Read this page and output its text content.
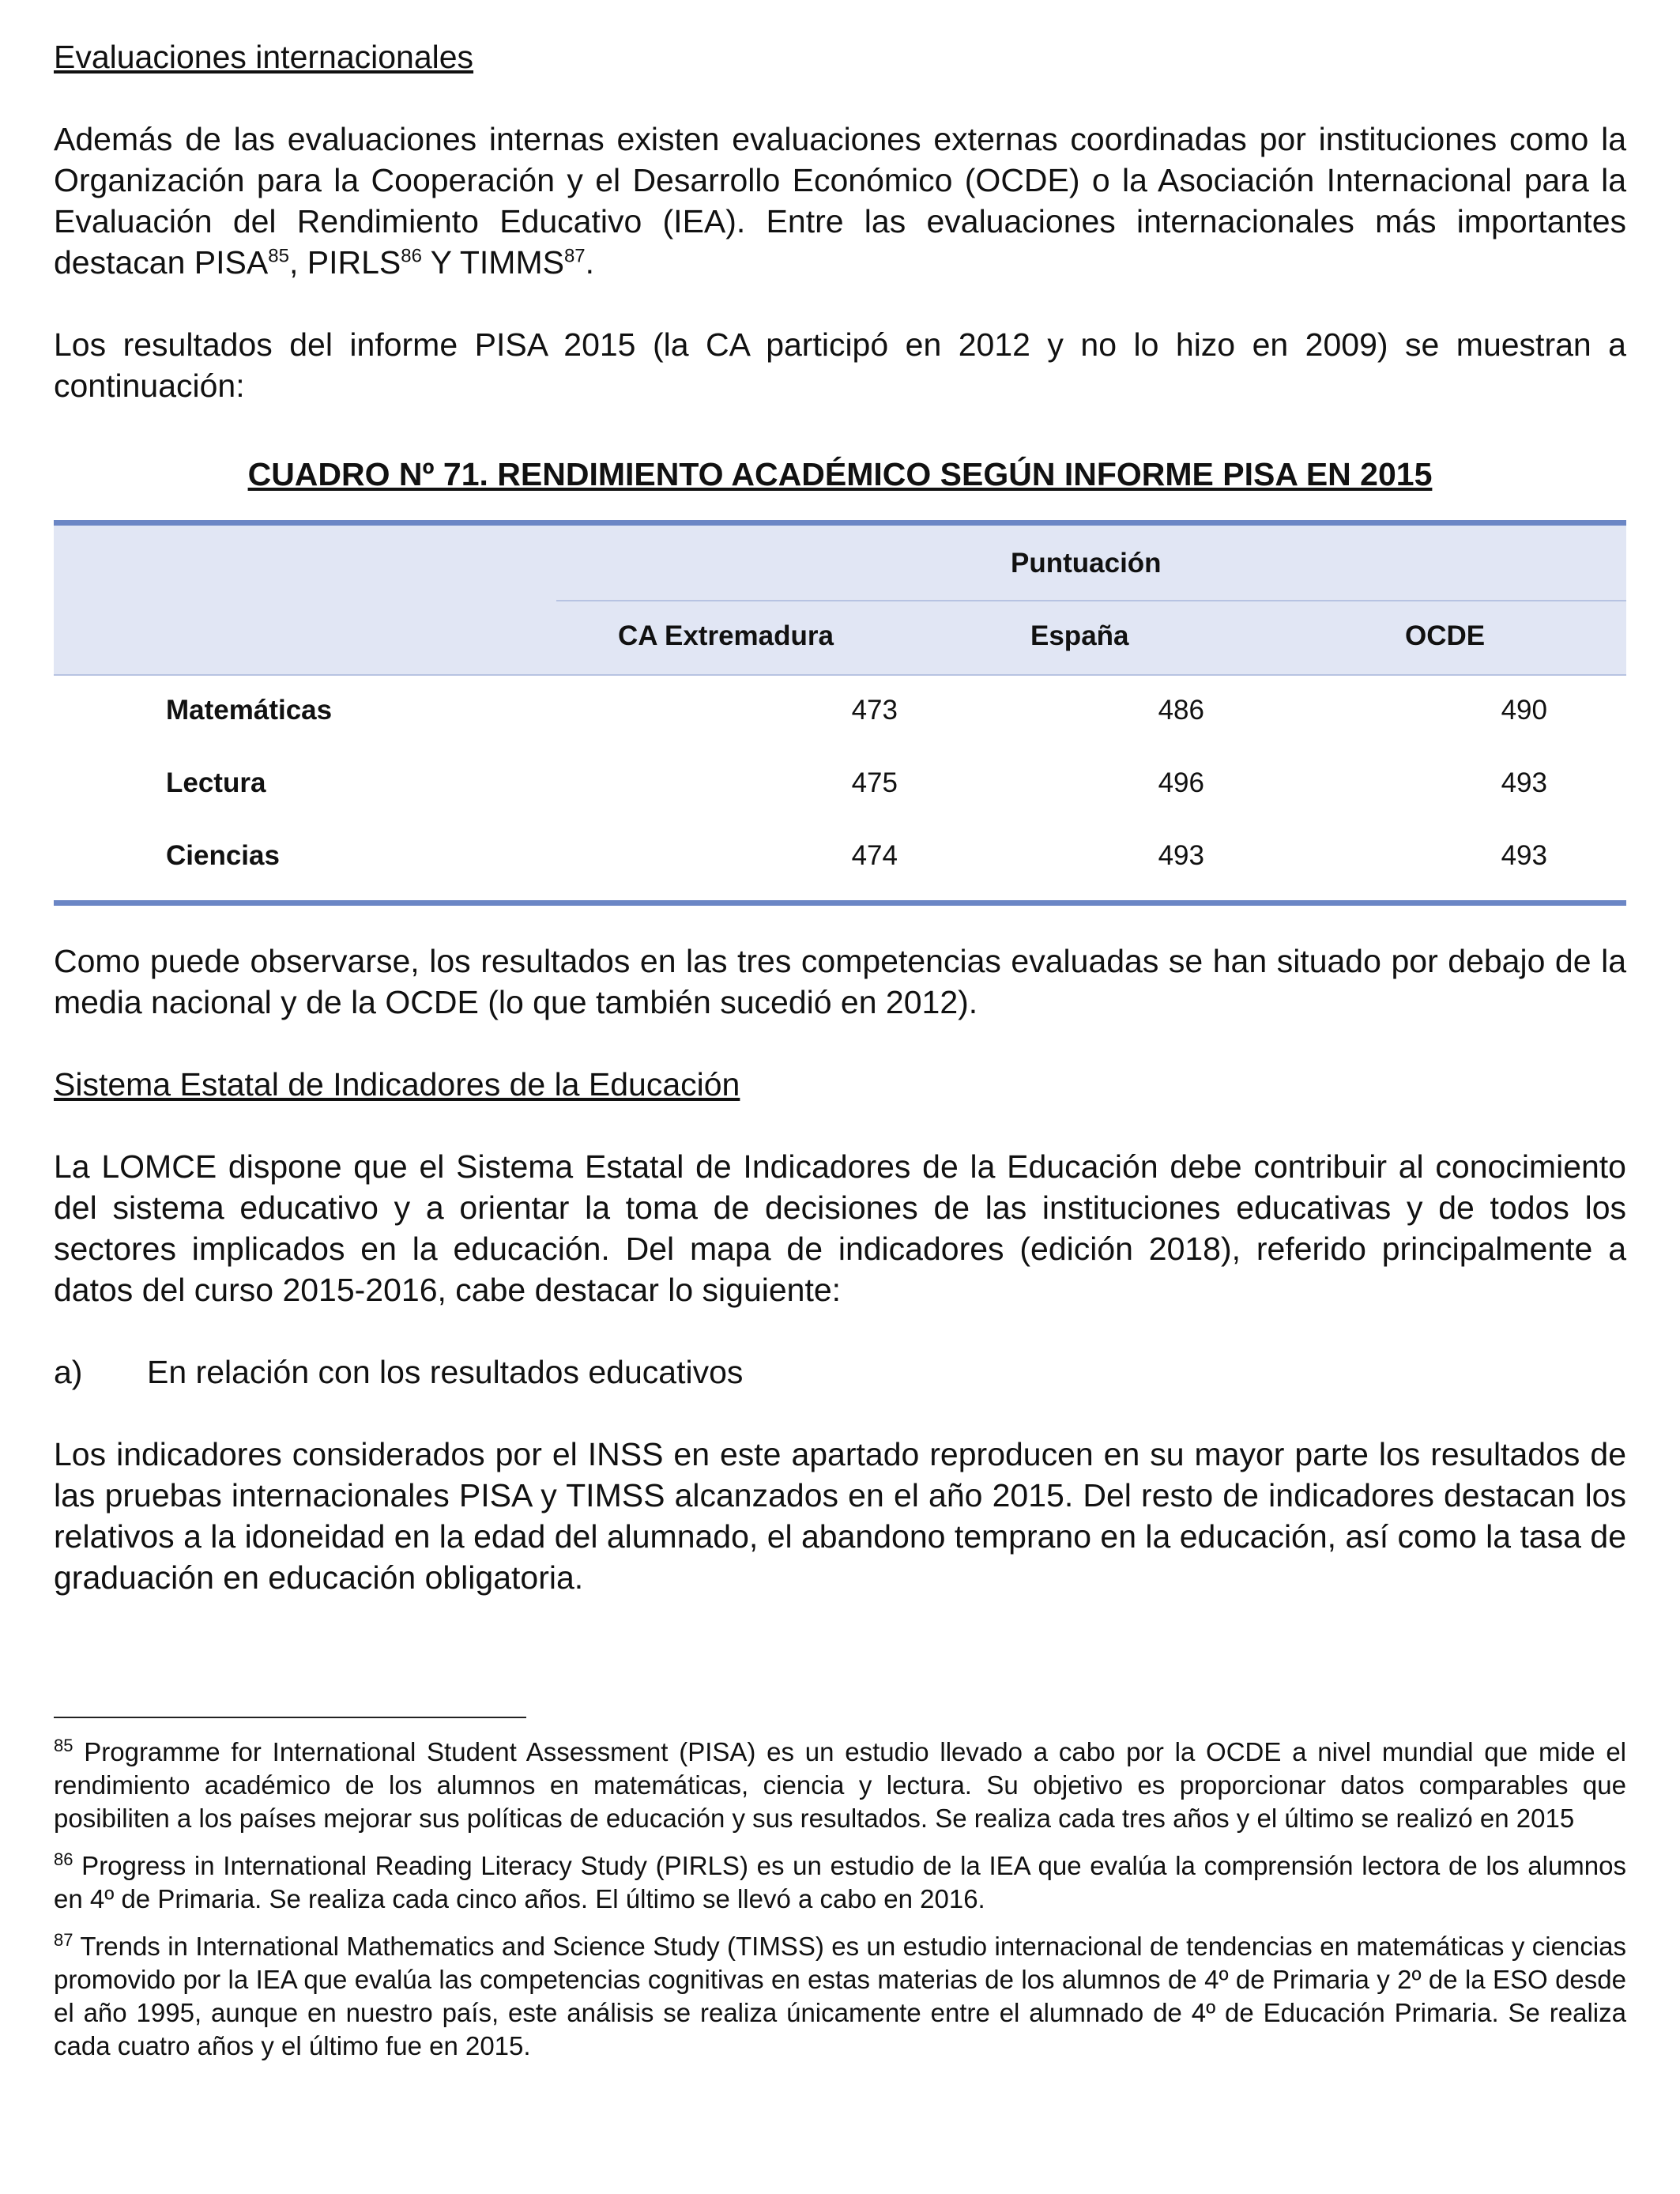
Evaluaciones internacionales

Además de las evaluaciones internas existen evaluaciones externas coordinadas por instituciones como la Organización para la Cooperación y el Desarrollo Económico (OCDE) o la Asociación Internacional para la Evaluación del Rendimiento Educativo (IEA). Entre las evaluaciones internacionales más importantes destacan PISA$^{85}$, PIRLS$^{86}$ Y TIMMS$^{87}$.

Los resultados del informe PISA 2015 (la CA participó en 2012 y no lo hizo en 2009) se muestran a continuación:

CUADRO Nº 71. RENDIMIENTO ACADÉMICO SEGÚN INFORME PISA EN 2015

Puntuación
CA Extremadura	España	OCDE
Matemáticas	473	486	490
Lectura	475	496	493
Ciencias	474	493	493

Como puede observarse, los resultados en las tres competencias evaluadas se han situado por debajo de la media nacional y de la OCDE (lo que también sucedió en 2012).

Sistema Estatal de Indicadores de la Educación

La LOMCE dispone que el Sistema Estatal de Indicadores de la Educación debe contribuir al conocimiento del sistema educativo y a orientar la toma de decisiones de las instituciones educativas y de todos los sectores implicados en la educación. Del mapa de indicadores (edición 2018), referido principalmente a datos del curso 2015-2016, cabe destacar lo siguiente:

a) En relación con los resultados educativos

Los indicadores considerados por el INSS en este apartado reproducen en su mayor parte los resultados de las pruebas internacionales PISA y TIMSS alcanzados en el año 2015. Del resto de indicadores destacan los relativos a la idoneidad en la edad del alumnado, el abandono temprano en la educación, así como la tasa de graduación en educación obligatoria.

$^{85}$ Programme for International Student Assessment (PISA) es un estudio llevado a cabo por la OCDE a nivel mundial que mide el rendimiento académico de los alumnos en matemáticas, ciencia y lectura. Su objetivo es proporcionar datos comparables que posibiliten a los países mejorar sus políticas de educación y sus resultados. Se realiza cada tres años y el último se realizó en 2015

$^{86}$ Progress in International Reading Literacy Study (PIRLS) es un estudio de la IEA que evalúa la comprensión lectora de los alumnos en 4º de Primaria. Se realiza cada cinco años. El último se llevó a cabo en 2016.

$^{87}$ Trends in International Mathematics and Science Study (TIMSS) es un estudio internacional de tendencias en matemáticas y ciencias promovido por la IEA que evalúa las competencias cognitivas en estas materias de los alumnos de 4º de Primaria y 2º de la ESO desde el año 1995, aunque en nuestro país, este análisis se realiza únicamente entre el alumnado de 4º de Educación Primaria. Se realiza cada cuatro años y el último fue en 2015.
